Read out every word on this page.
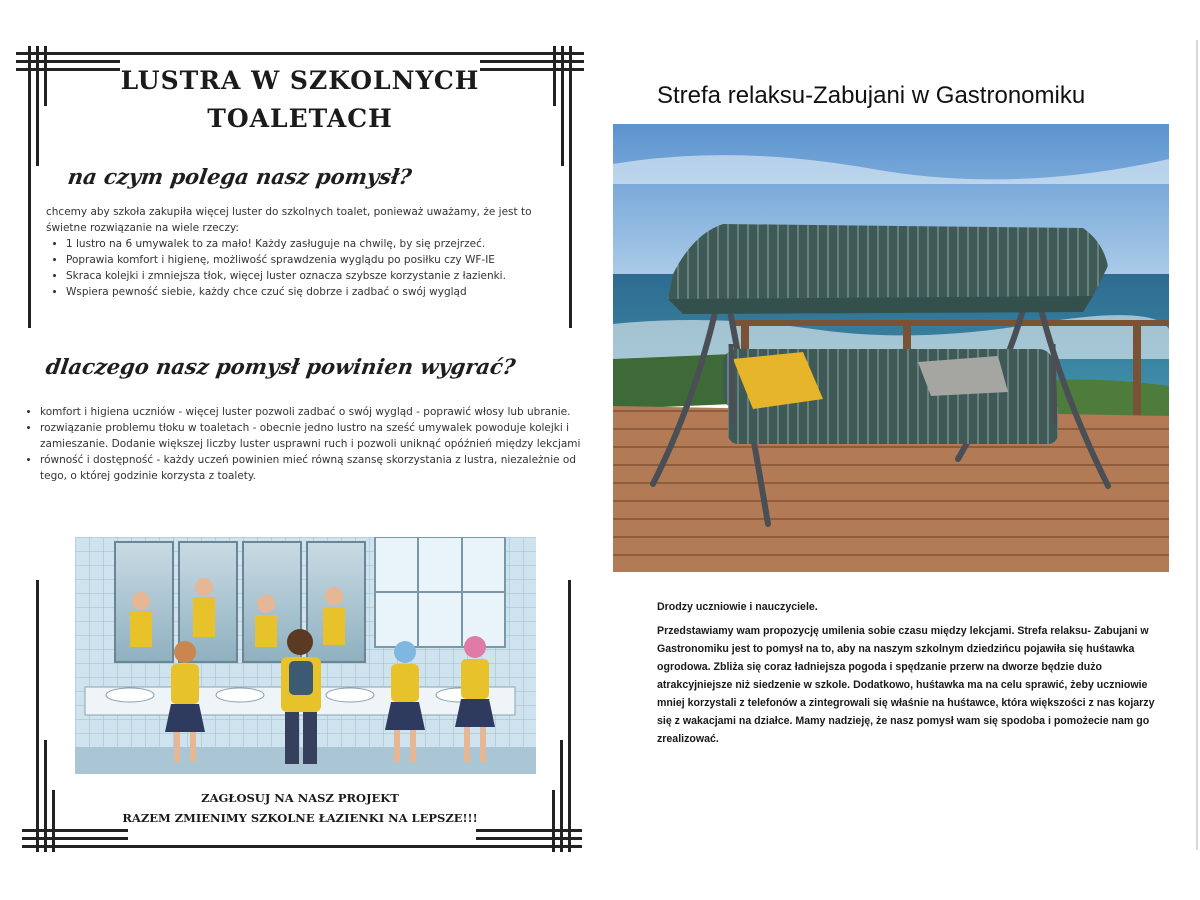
LUSTRA W SZKOLNYCH
TOALETACH
na czym polega nasz pomysł?

chcemy aby szkoła zakupiła więcej luster do szkolnych toalet, ponieważ uważamy, że jest to świetne rozwiązanie na wiele rzeczy:

• 1 lustro na 6 umywalek to za mało! Każdy zasługuje na chwilę, by się przejrzeć.
• Poprawia komfort i higienę, możliwość sprawdzenia wyglądu po posiłku czy WF-IE
• Skraca kolejki i zmniejsza tłok, więcej luster oznacza szybsze korzystanie z łazienki.
• Wspiera pewność siebie, każdy chce czuć się dobrze i zadbać o swój wygląd
dlaczego nasz pomysł powinien wygrać?
• komfort i higiena uczniów - więcej luster pozwoli zadbać o swój wygląd - poprawić włosy lub ubranie.
• rozwiązanie problemu tłoku w toaletach - obecnie jedno lustro na sześć umywalek powoduje kolejki i zamieszanie. Dodanie większej liczby luster usprawni ruch i pozwoli uniknąć opóźnień między lekcjami
• równość i dostępność - każdy uczeń powinien mieć równą szansę skorzystania z lustra, niezależnie od tego, o której godzinie korzysta z toalety.
ZAGŁOSUJ NA NASZ PROJEKT
RAZEM ZMIENIMY SZKOLNE ŁAZIENKI NA LEPSZE!!!
Strefa relaksu-Zabujani w Gastronomiku

Drodzy uczniowie i nauczyciele.

Przedstawiamy wam propozycję umilenia sobie czasu między lekcjami. Strefa relaksu- Zabujani w Gastronomiku jest to pomysł na to, aby na naszym szkolnym dziedzińcu pojawiła się huśtawka ogrodowa. Zbliża się coraz ładniejsza pogoda i spędzanie przerw na dworze będzie dużo atrakcyjniejsze niż siedzenie w szkole. Dodatkowo, huśtawka ma na celu sprawić, żeby uczniowie mniej korzystali z telefonów a zintegrowali się właśnie na huśtawce, która większości z nas kojarzy się z wakacjami na działce. Mamy nadzieję, że nasz pomysł wam się spodoba i pomożecie nam go zrealizować.
